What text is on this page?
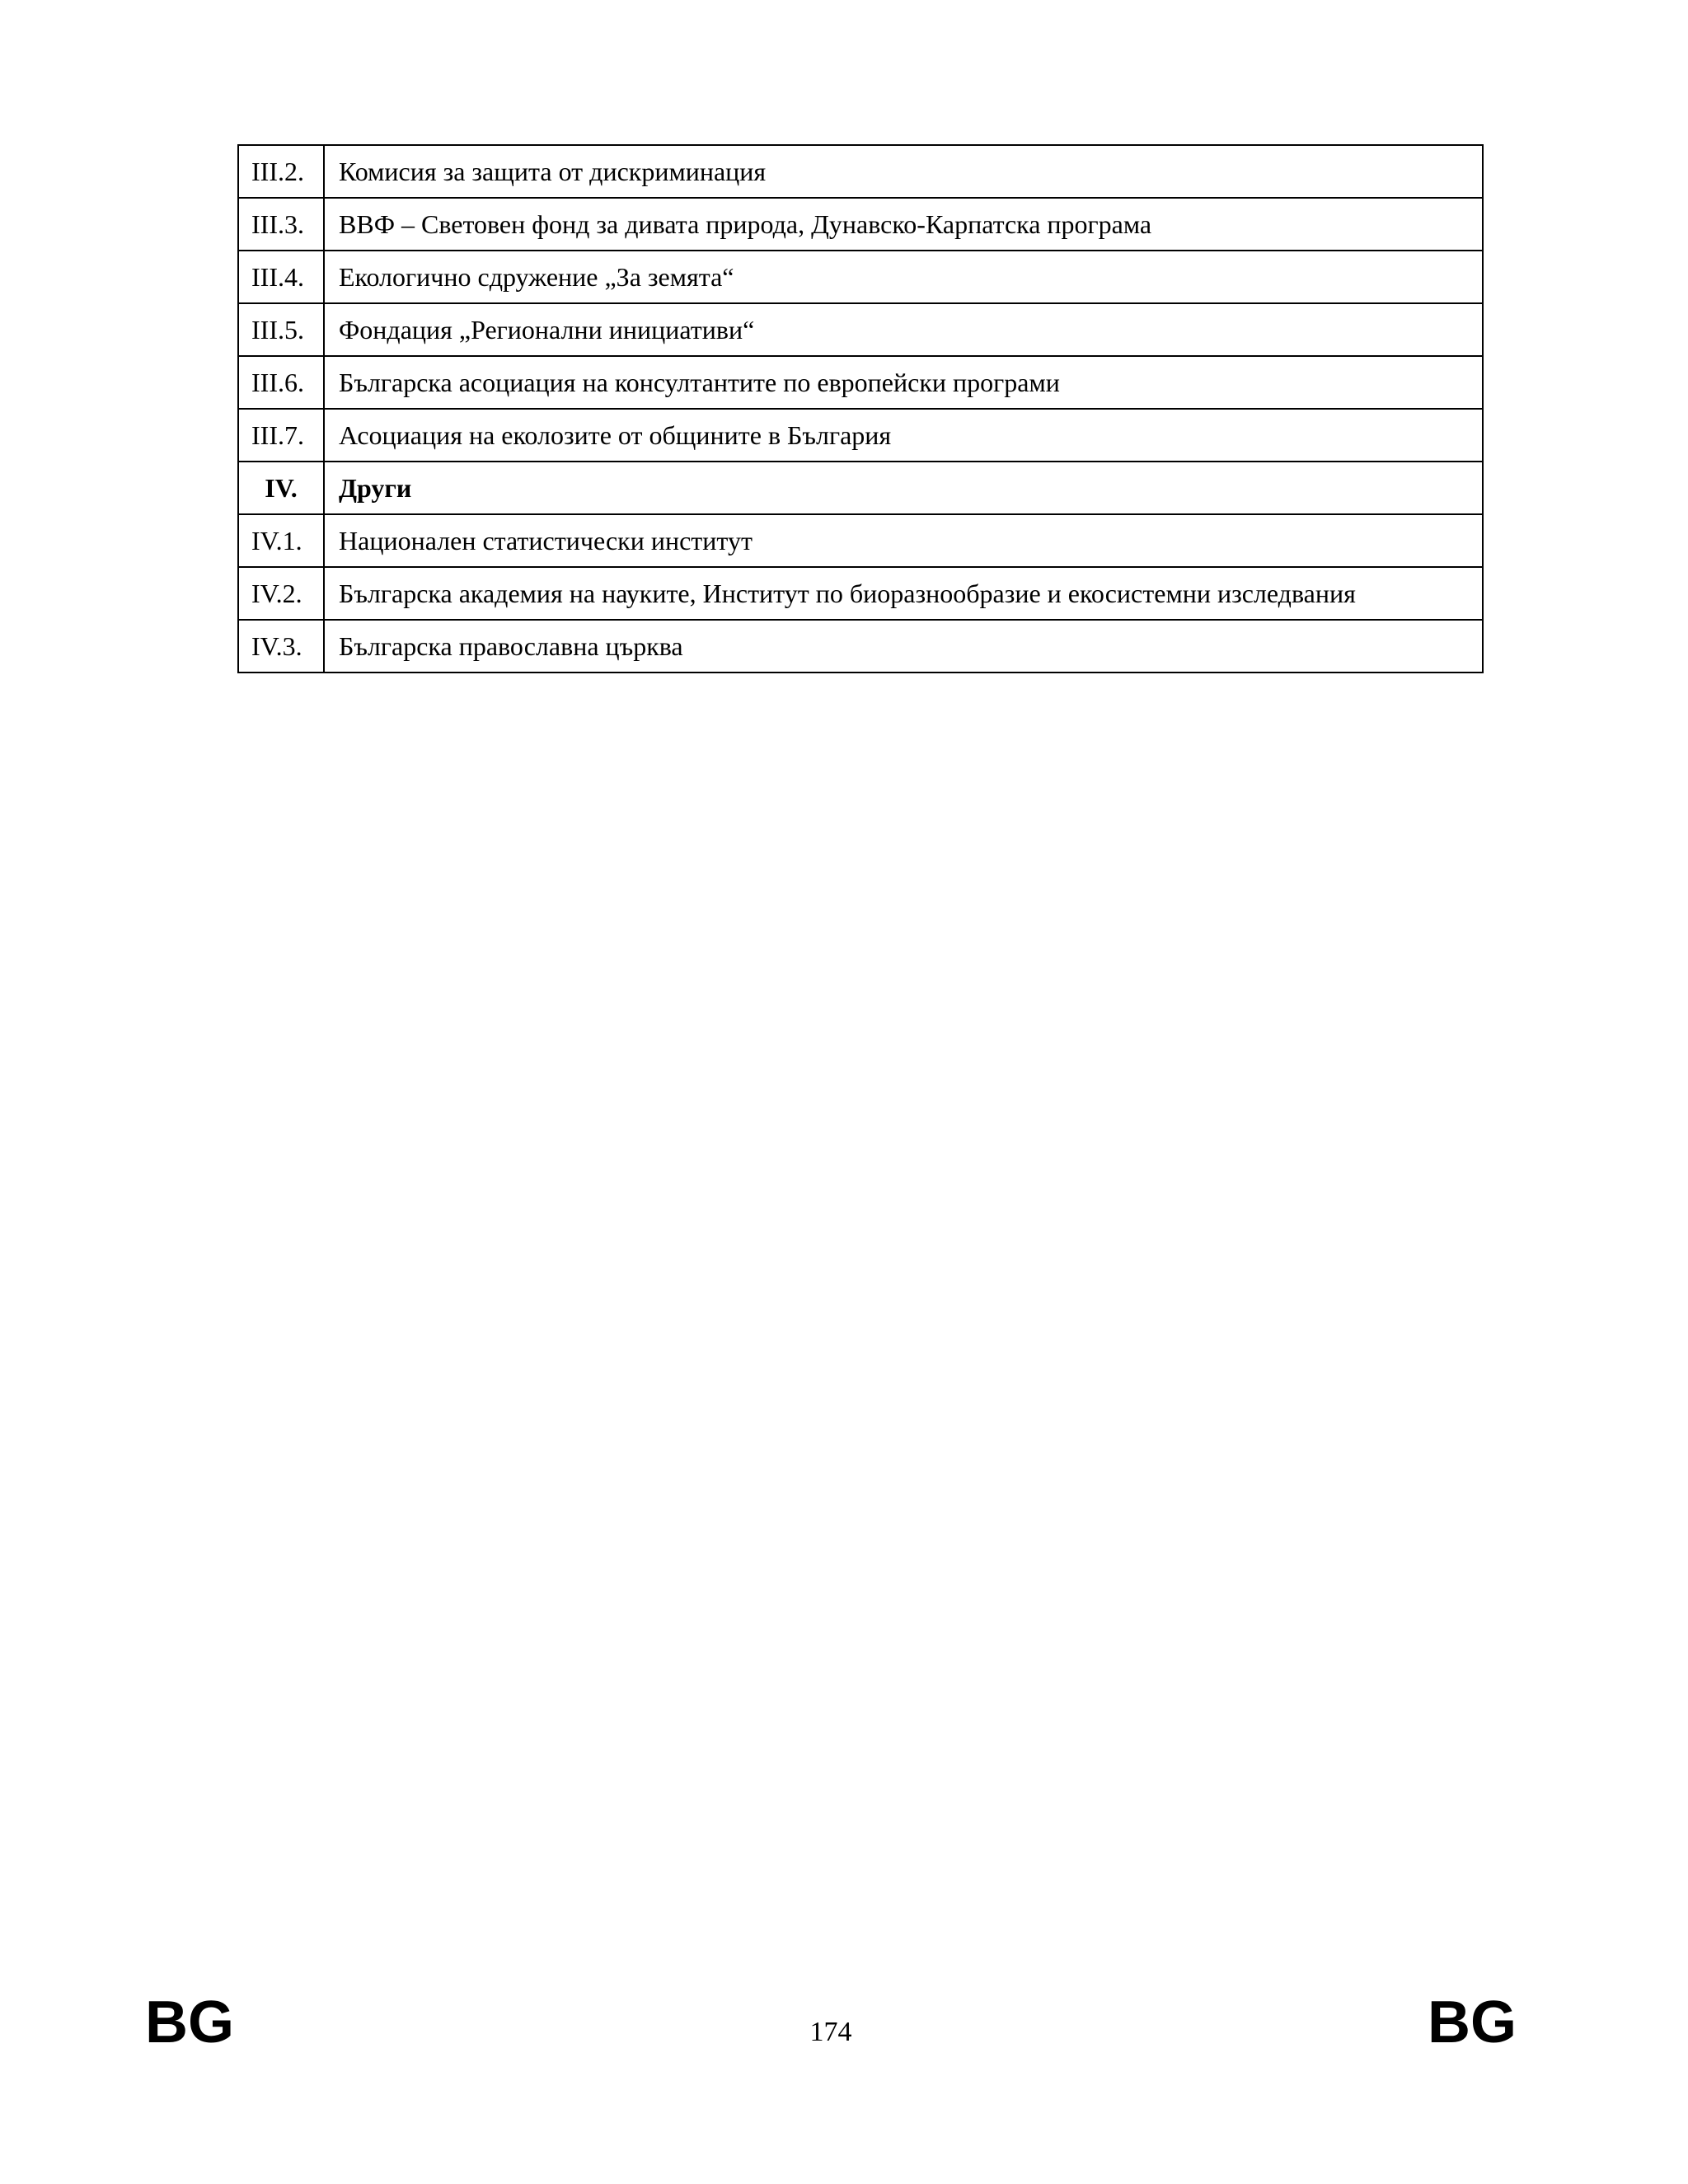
III.2.	Комисия за защита от дискриминация
III.3.	ВВФ – Световен фонд за дивата природа, Дунавско-Карпатска програма
III.4.	Екологично сдружение „За земята“
III.5.	Фондация „Регионални инициативи“
III.6.	Българска асоциация на консултантите по европейски програми
III.7.	Асоциация на еколозите от общините в България
IV.	Други
IV.1.	Национален статистически институт
IV.2.	Българска академия на науките, Институт по биоразнообразие и екосистемни изследвания
IV.3.	Българска православна църква
BG	174	BG
